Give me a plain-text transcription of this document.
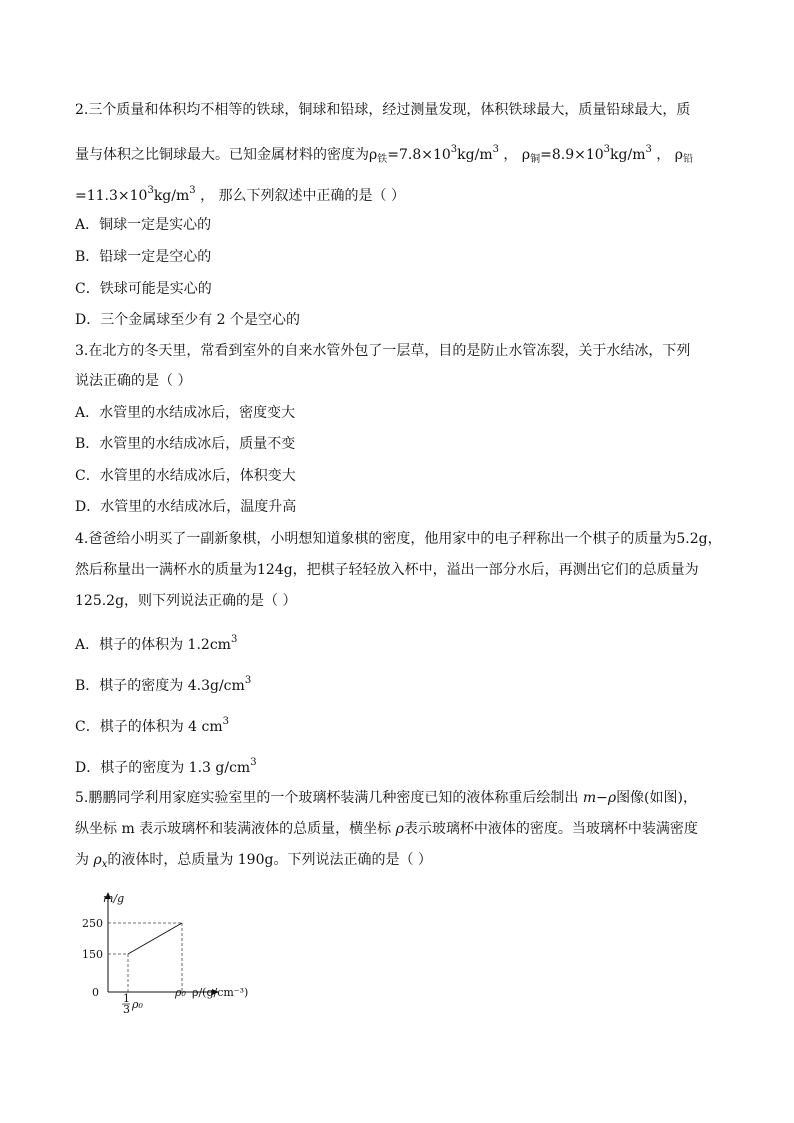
2.三个质量和体积均不相等的铁球，铜球和铅球，经过测量发现，体积铁球最大，质量铅球最大，质
量与体积之比铜球最大。已知金属材料的密度为$\rho_铁=7.8\times 10^3kg/m^3$ ， $\rho_铜=8.9\times 10^3kg/m^3$ ， $\rho_铅$
$=11.3\times 10^3kg/m^3$ ， 那么下列叙述中正确的是（ ）
A．铜球一定是实心的
B．铅球一定是空心的
C．铁球可能是实心的
D．三个金属球至少有 2 个是空心的
3.在北方的冬天里，常看到室外的自来水管外包了一层草，目的是防止水管冻裂，关于水结冰，下列
说法正确的是（ ）
A．水管里的水结成冰后，密度变大
B．水管里的水结成冰后，质量不变
C．水管里的水结成冰后，体积变大
D．水管里的水结成冰后，温度升高
4.爸爸给小明买了一副新象棋，小明想知道象棋的密度，他用家中的电子秤称出一个棋子的质量为5.2g，
然后称量出一满杯水的质量为124g，把棋子轻轻放入杯中，溢出一部分水后，再测出它们的总质量为
125.2g，则下列说法正确的是（ ）
A．棋子的体积为 $1.2cm^3$
B．棋子的密度为 $4.3g/cm^3$
C．棋子的体积为 4 $cm^3$
D．棋子的密度为 1.3 $g/cm^3$
5.鹏鹏同学利用家庭实验室里的一个玻璃杯装满几种密度已知的液体称重后绘制出 m−ρ图像(如图)，
纵坐标 m 表示玻璃杯和装满液体的总质量，横坐标 ρ表示玻璃杯中液体的密度。当玻璃杯中装满密度
为 $\rho_x$的液体时，总质量为 190g。下列说法正确的是（ ）
m/g
250
150
0 1
3 ρ₀
ρ₀ ρ/(g/cm⁻³)
